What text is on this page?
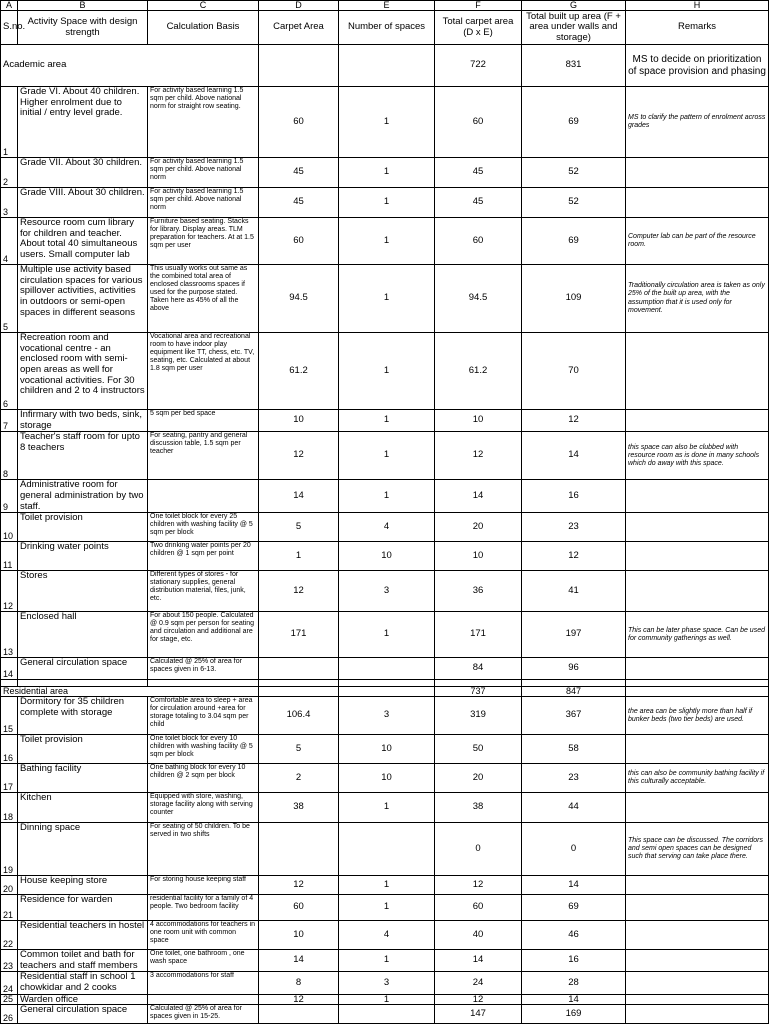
A	B	C	D	E	F	G	H
S.no.	Activity Space with design strength	Calculation Basis	Carpet Area	Number of spaces	Total carpet area (D x E)	Total built up area (F + area under walls and storage)	Remarks
Academic area					722	831	MS to decide on prioritization of space provision and phasing
1	Grade VI. About 40 children. Higher enrolment due to initial / entry level grade.	For activity based learning 1.5 sqm per child. Above national norm for straight row seating.	60	1	60	69	MS to clarify the pattern of enrolment across grades
2	Grade VII. About 30 children.	For activity based learning 1.5 sqm per child. Above national norm	45	1	45	52	
3	Grade VIII. About 30 children.	For activity based learning 1.5 sqm per child. Above national norm	45	1	45	52	
4	Resource room cum library for children and teacher. About total 40 simultaneous users. Small computer lab	Furniture based seating. Stacks for library. Display areas. TLM preparation for teachers. At at 1.5 sqm per user	60	1	60	69	Computer lab can be part of the resource room.
5	Multiple use activity based circulation spaces for various spillover activities, activities in outdoors or semi-open spaces in different seasons	This usually works out same as the combined total area of enclosed classrooms spaces if used for the purpose stated. Taken here as 45% of all the above	94.5	1	94.5	109	Traditionally circulation area is taken as only 25% of the built up area, with the assumption that it is used only for movement.
6	Recreation room and vocational centre - an enclosed room with semi-open areas as well for vocational activities. For 30 children and 2 to 4 instructors	Vocational area and recreational room to have indoor play equipment like TT, chess, etc. TV, seating, etc. Calculated at about 1.8 sqm per user	61.2	1	61.2	70	
7	Infirmary with two beds, sink, storage	5 sqm per bed space	10	1	10	12	
8	Teacher's staff room for upto 8 teachers	For seating, pantry and general discussion table, 1.5 sqm per teacher	12	1	12	14	this space can also be clubbed with resource room as is done in many schools which do away with this space.
9	Administrative room for general administration by two staff.		14	1	14	16	
10	Toilet provision	One toilet block for every 25 children with washing facility @ 5 sqm per block	5	4	20	23	
11	Drinking water points	Two drinking water points per 20 children @ 1 sqm per point	1	10	10	12	
12	Stores	Different types of stores - for stationary supplies, general distribution material, files, junk, etc.	12	3	36	41	
13	Enclosed hall	For about 150 people. Calculated @ 0.9 sqm per person for seating and circulation and additional are for stage, etc.	171	1	171	197	This can be later phase space. Can be used for community gatherings as well.
14	General circulation space	Calculated @ 25% of area for spaces given in 6-13.			84	96	

Residential area					737	847	
15	Dormitory for 35 children complete with storage	Comfortable area to sleep + area for circulation around +area for storage totaling to 3.04 sqm per child	106.4	3	319	367	the area can be slightly more than half if bunker beds (two tier beds) are used.
16	Toilet provision	One toilet block for every 10 children with washing facility @ 5 sqm per block	5	10	50	58	
17	Bathing facility	One bathing block for every 10 children @ 2 sqm per block	2	10	20	23	this can also be community bathing facility if this culturally acceptable.
18	Kitchen	Equipped with store, washing, storage facility along with serving counter	38	1	38	44	
19	Dinning space	For seating of 50 children. To be served in two shifts			0	0	This space can be discussed. The corridors and semi open spaces can be designed such that serving can take place there.
20	House keeping store	For storing house keeping staff	12	1	12	14	
21	Residence for warden	residential facility for a family of 4 people. Two bedroom facility	60	1	60	69	
22	Residential teachers in hostel	4 accommodations for teachers in one room unit with common space	10	4	40	46	
23	Common toilet and bath for teachers and staff members	One toilet, one bathroom , one wash space	14	1	14	16	
24	Residential staff in school 1 chowkidar and 2 cooks	3 accommodations for staff	8	3	24	28	
25	Warden office		12	1	12	14	
26	General circulation space	Calculated @ 25% of area for spaces given in 15-25.			147	169	
